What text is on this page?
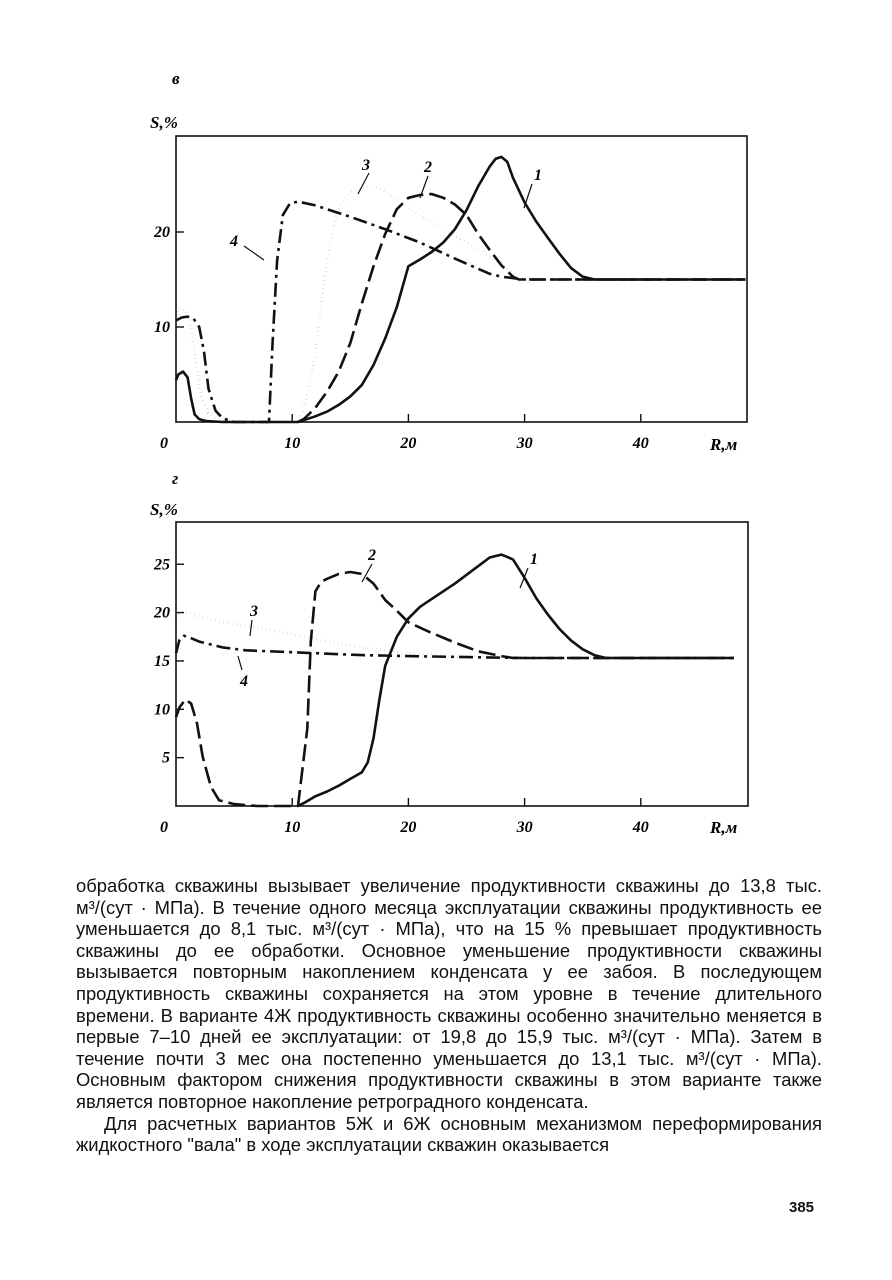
в
S,%
10
20
0	10	20	30	40	R,м
1
2
3
4
г
S,%
5
10
15
20
25
0	10	20	30	40	R,м
1
2
3
4

обработка скважины вызывает увеличение продуктивности скважины до 13,8 тыс. м³/(сут · МПа). В течение одного месяца эксплуатации скважины продуктивность ее уменьшается до 8,1 тыс. м³/(сут · МПа), что на 15 % превышает продуктивность скважины до ее обработки. Основное уменьшение продуктивности скважины вызывается повторным накоплением конденсата у ее забоя. В последующем продуктивность скважины сохраняется на этом уровне в течение длительного времени. В варианте 4Ж продуктивность скважины особенно значительно меняется в первые 7–10 дней ее эксплуатации: от 19,8 до 15,9 тыс. м³/(сут · МПа). Затем в течение почти 3 мес она постепенно уменьшается до 13,1 тыс. м³/(сут · МПа). Основным фактором снижения продуктивности скважины в этом варианте также является повторное накопление ретроградного конденсата.

Для расчетных вариантов 5Ж и 6Ж основным механизмом переформирования жидкостного "вала" в ходе эксплуатации скважин оказывается

385
